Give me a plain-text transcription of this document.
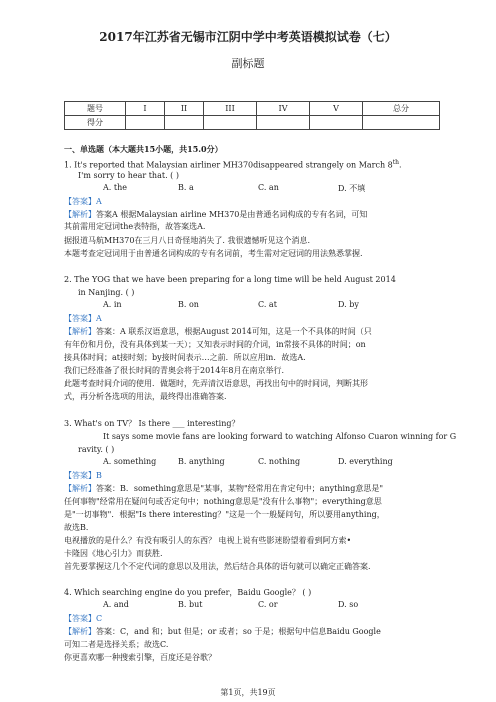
2017年江苏省无锡市江阴中学中考英语模拟试卷（七）
副标题
题号	I	II	III	IV	V	总分
得分						
一、单选题（本大题共15小题，共15.0分）
1. It's reported that Malaysian airliner MH370disappeared strangely on March 8th.
I'm sorry to hear that. ( )
A. the	B. a	C. an	D. 不填
【答案】A
【解析】答案A 根据Malaysian airline MH370是由普通名词构成的专有名词，可知
其前需用定冠词the表特指，故答案选A.
据报道马航MH370在三月八日奇怪地消失了. 我很遗憾听见这个消息.
本题考查定冠词用于由普通名词构成的专有名词前，考生需对定冠词的用法熟悉掌握.
2. The YOG that we have been preparing for a long time will be held August 2014
in Nanjing. ( )
A. in	B. on	C. at	D. by
【答案】A
【解析】答案：A 联系汉语意思，根据August 2014可知，这是一个不具体的时间（只
有年份和月份，没有具体到某一天）；又知表示时间的介词，in常接不具体的时间；on
接具体时间；at接时刻；by接时间表示…之前．所以应用in．故选A.
我们已经准备了很长时间的青奥会将于2014年8月在南京举行.
此题考查时间介词的使用．做题时，先弄清汉语意思，再找出句中的时间词，判断其形
式，再分析各选项的用法，最终得出准确答案.
3. What's on TV？ Is there ___ interesting？
It says some movie fans are looking forward to watching Alfonso Cuaron winning for G
ravity. ( )
A. something	B. anything	C. nothing	D. everything
【答案】B
【解析】答案：B．something意思是"某事，某物"经常用在肯定句中；anything意思是"
任何事物"经常用在疑问句或否定句中；nothing意思是"没有什么事物"；everything意思
是"一切事物"．根据"Is there interesting？"这是一个一般疑问句，所以要用anything，
故选B．
电视播放的是什么？有没有吸引人的东西？ 电视上说有些影迷盼望着看到阿方索•
卡隆因《地心引力》而获胜.
首先要掌握这几个不定代词的意思以及用法，然后结合具体的语句就可以确定正确答案.
4. Which searching engine do you prefer，Baidu Google？ ( )
A. and	B. but	C. or	D. so
【答案】C
【解析】答案：C，and 和；but 但是；or 或者；so 于是；根据句中信息Baidu Google
可知二者是选择关系；故选C.
你更喜欢哪一种搜索引擎，百度还是谷歌？
第1页，共19页
